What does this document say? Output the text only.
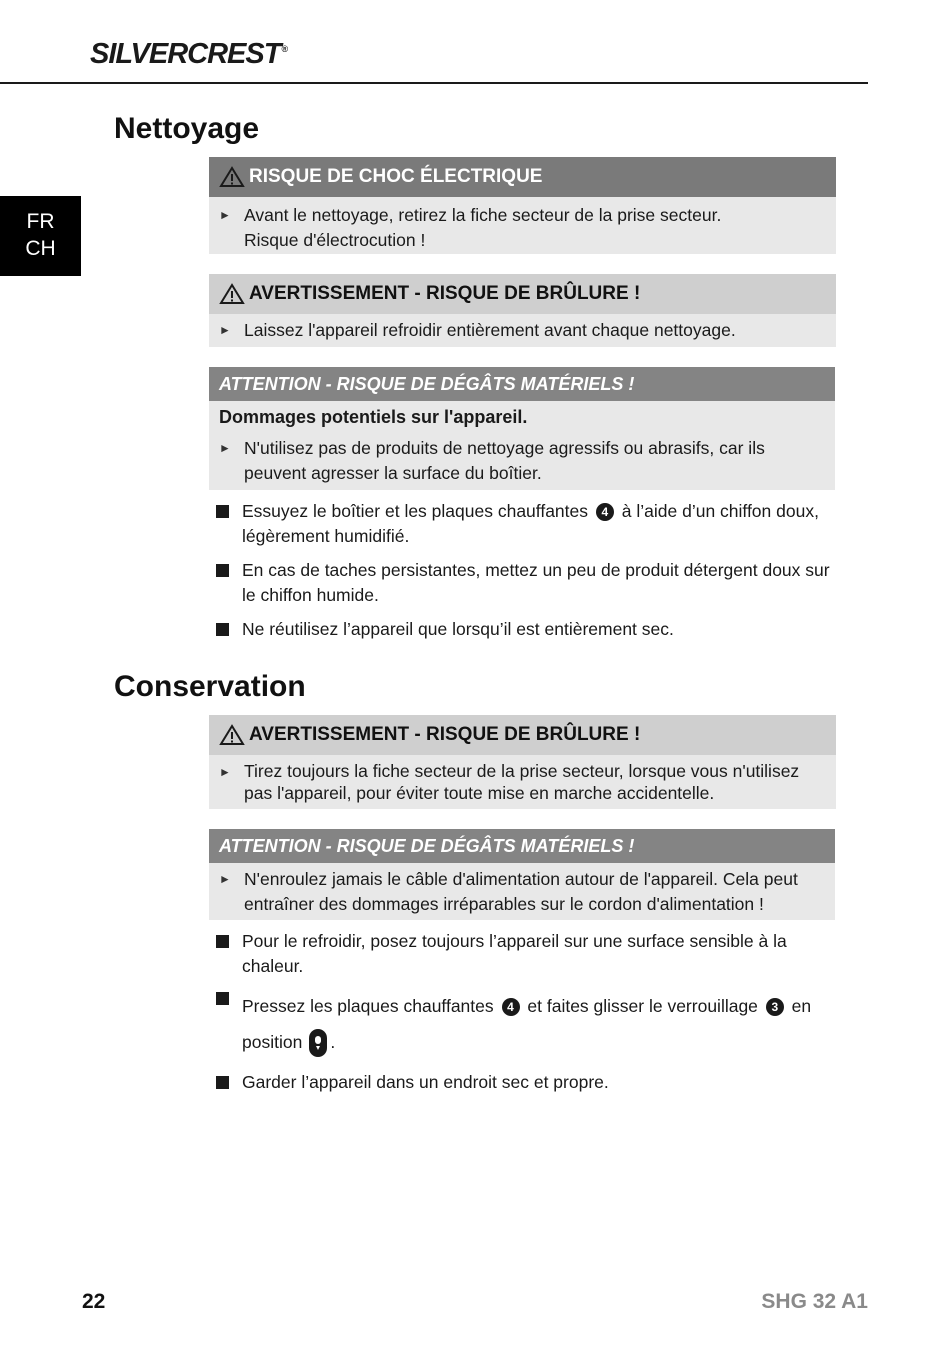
SILVERCREST®
FR
CH
Nettoyage
RISQUE DE CHOC ÉLECTRIQUE
► Avant le nettoyage, retirez la fiche secteur de la prise secteur.
Risque d'électrocution !
AVERTISSEMENT - RISQUE DE BRÛLURE !
► Laissez l'appareil refroidir entièrement avant chaque nettoyage.
ATTENTION - RISQUE DE DÉGÂTS MATÉRIELS !
Dommages potentiels sur l'appareil.
► N'utilisez pas de produits de nettoyage agressifs ou abrasifs, car ils peuvent agresser la surface du boîtier.
Essuyez le boîtier et les plaques chauffantes 4 à l’aide d’un chiffon doux, légèrement humidifié.
En cas de taches persistantes, mettez un peu de produit détergent doux sur le chiffon humide.
Ne réutilisez l’appareil que lorsqu’il est entièrement sec.
Conservation
AVERTISSEMENT - RISQUE DE BRÛLURE !
► Tirez toujours la fiche secteur de la prise secteur, lorsque vous n'utilisez pas l'appareil, pour éviter toute mise en marche accidentelle.
ATTENTION - RISQUE DE DÉGÂTS MATÉRIELS !
► N'enroulez jamais le câble d'alimentation autour de l'appareil. Cela peut entraîner des dommages irréparables sur le cordon d'alimentation !
Pour le refroidir, posez toujours l’appareil sur une surface sensible à la chaleur.
Pressez les plaques chauffantes 4 et faites glisser le verrouillage 3 en position .
Garder l’appareil dans un endroit sec et propre.
22	SHG 32 A1
